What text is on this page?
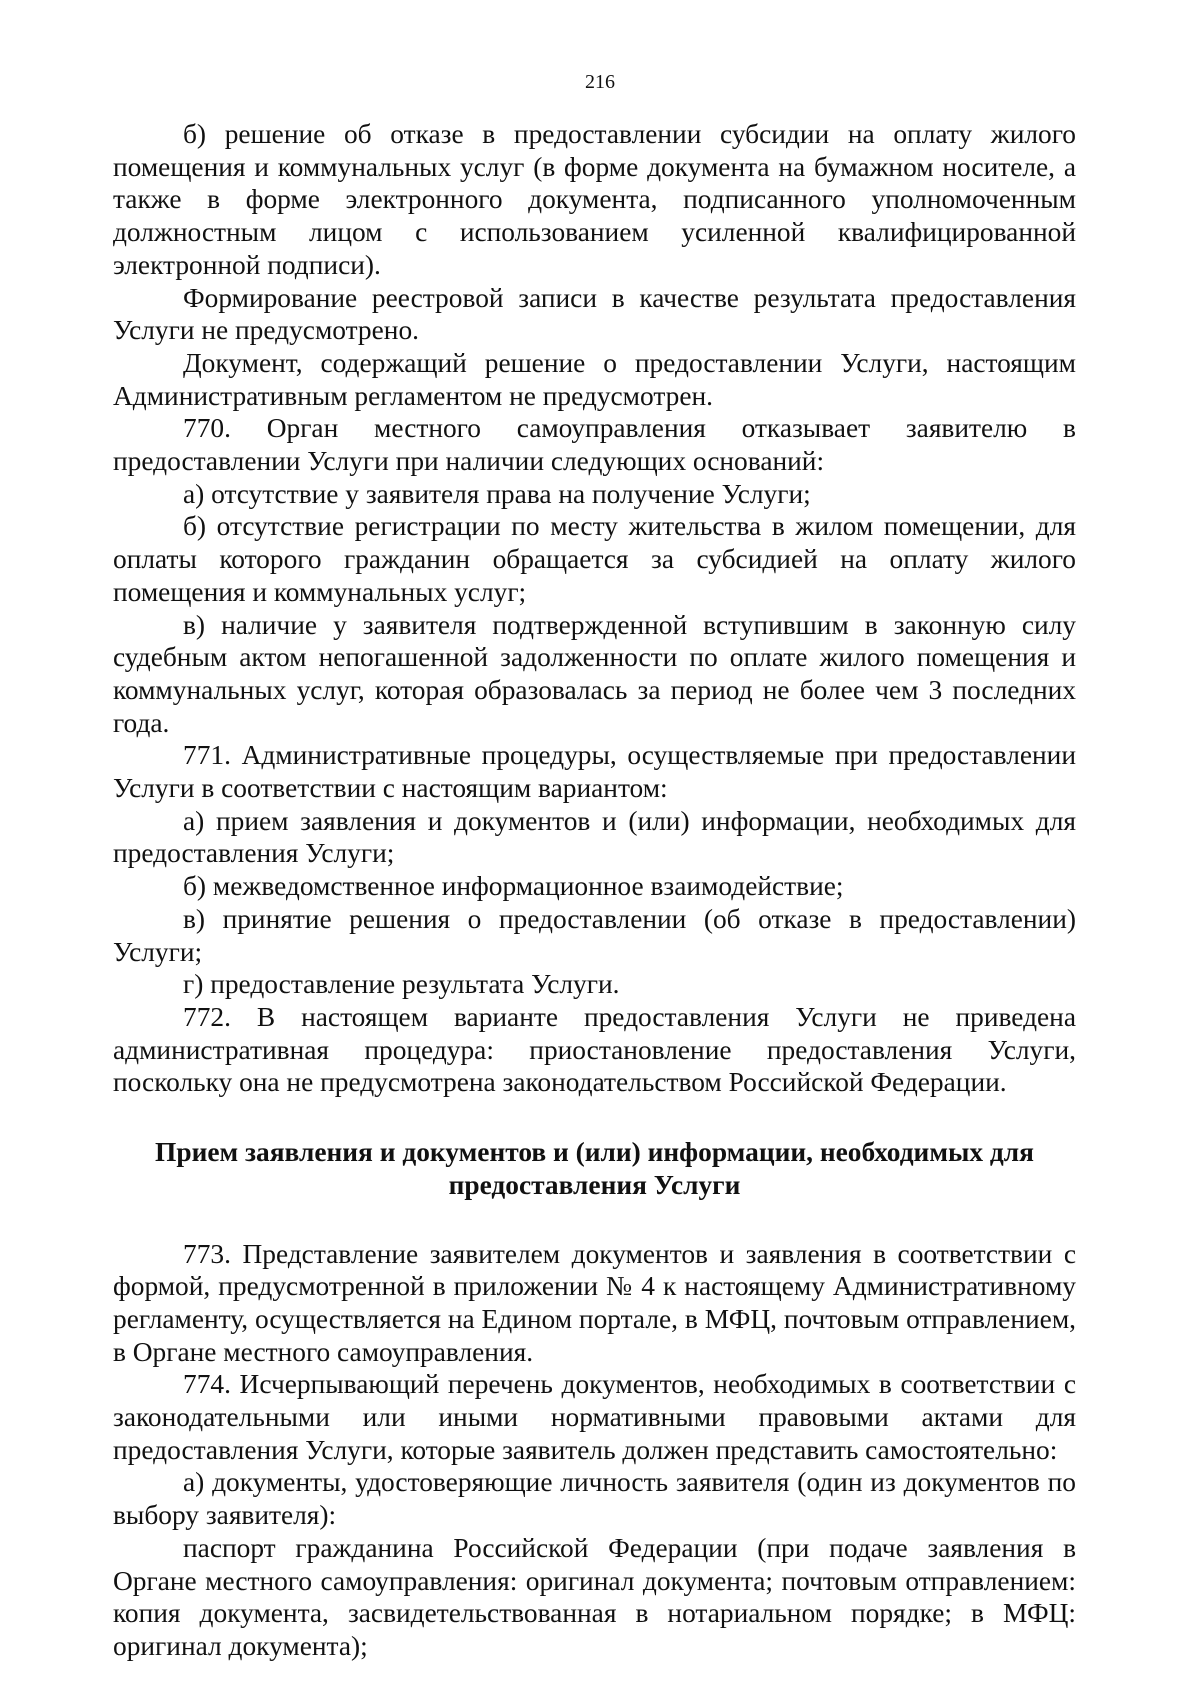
216

б) решение об отказе в предоставлении субсидии на оплату жилого помещения и коммунальных услуг (в форме документа на бумажном носителе, а также в форме электронного документа, подписанного уполномоченным должностным лицом с использованием усиленной квалифицированной электронной подписи).

Формирование реестровой записи в качестве результата предоставления Услуги не предусмотрено.

Документ, содержащий решение о предоставлении Услуги, настоящим Административным регламентом не предусмотрен.

770. Орган местного самоуправления отказывает заявителю в предоставлении Услуги при наличии следующих оснований:

а) отсутствие у заявителя права на получение Услуги;

б) отсутствие регистрации по месту жительства в жилом помещении, для оплаты которого гражданин обращается за субсидией на оплату жилого помещения и коммунальных услуг;

в) наличие у заявителя подтвержденной вступившим в законную силу судебным актом непогашенной задолженности по оплате жилого помещения и коммунальных услуг, которая образовалась за период не более чем 3 последних года.

771. Административные процедуры, осуществляемые при предоставлении Услуги в соответствии с настоящим вариантом:

а) прием заявления и документов и (или) информации, необходимых для предоставления Услуги;

б) межведомственное информационное взаимодействие;

в) принятие решения о предоставлении (об отказе в предоставлении) Услуги;

г) предоставление результата Услуги.

772. В настоящем варианте предоставления Услуги не приведена административная процедура: приостановление предоставления Услуги, поскольку она не предусмотрена законодательством Российской Федерации.

Прием заявления и документов и (или) информации, необходимых для
предоставления Услуги

773. Представление заявителем документов и заявления в соответствии с формой, предусмотренной в приложении № 4 к настоящему Административному регламенту, осуществляется на Едином портале, в МФЦ, почтовым отправлением, в Органе местного самоуправления.

774. Исчерпывающий перечень документов, необходимых в соответствии с законодательными или иными нормативными правовыми актами для предоставления Услуги, которые заявитель должен представить самостоятельно:

а) документы, удостоверяющие личность заявителя (один из документов по выбору заявителя):

паспорт гражданина Российской Федерации (при подаче заявления в Органе местного самоуправления: оригинал документа; почтовым отправлением: копия документа, засвидетельствованная в нотариальном порядке; в МФЦ: оригинал документа);
